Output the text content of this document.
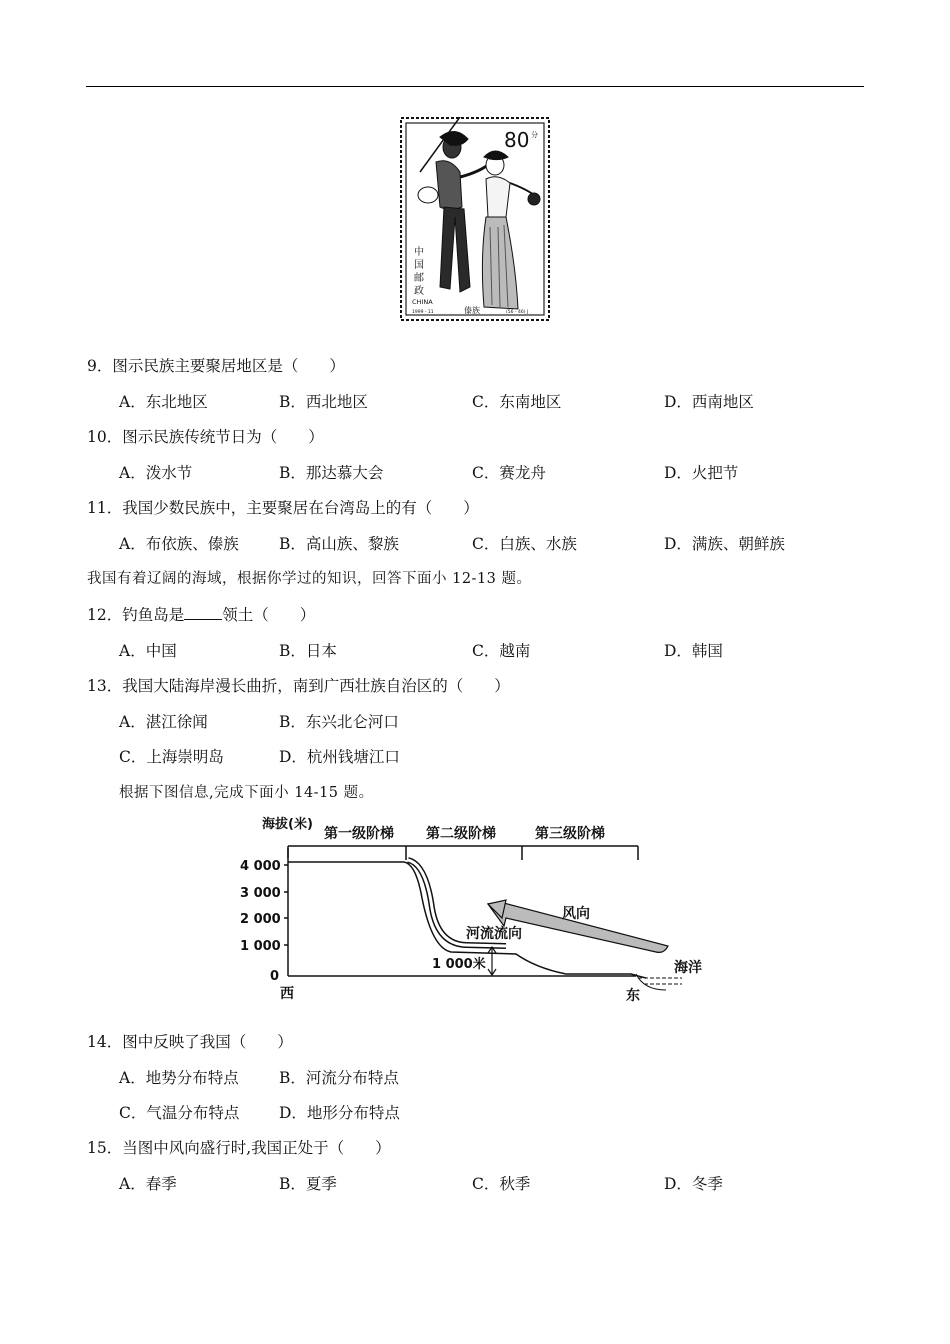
80 分
中
国
邮
政
CHINA
1999 - 11	傣族	(56 - 46) J
9．图示民族主要聚居地区是（　　）
A．东北地区	B．西北地区	C．东南地区	D．西南地区
10．图示民族传统节日为（　　）
A．泼水节	B．那达慕大会	C．赛龙舟	D．火把节
11．我国少数民族中，主要聚居在台湾岛上的有（　　）
A．布依族、傣族	B．高山族、黎族	C．白族、水族	D．满族、朝鲜族
我国有着辽阔的海域，根据你学过的知识，回答下面小 12-13 题。
12．钓鱼岛是 领土（　　）
A．中国	B．日本	C．越南	D．韩国
13．我国大陆海岸漫长曲折，南到广西壮族自治区的（　　）
A．湛江徐闻	B．东兴北仑河口
C．上海崇明岛	D．杭州钱塘江口
根据下图信息,完成下面小 14-15 题。
海拔(米)
4 000
3 000
2 000
1 000
0
第一级阶梯 第二级阶梯	第三级阶梯
河流流向
风向
1 000米	海洋
西	东
14．图中反映了我国（　　）
A．地势分布特点	B．河流分布特点
C．气温分布特点	D．地形分布特点
15．当图中风向盛行时,我国正处于（　　）
A．春季	B．夏季	C．秋季	D．冬季
